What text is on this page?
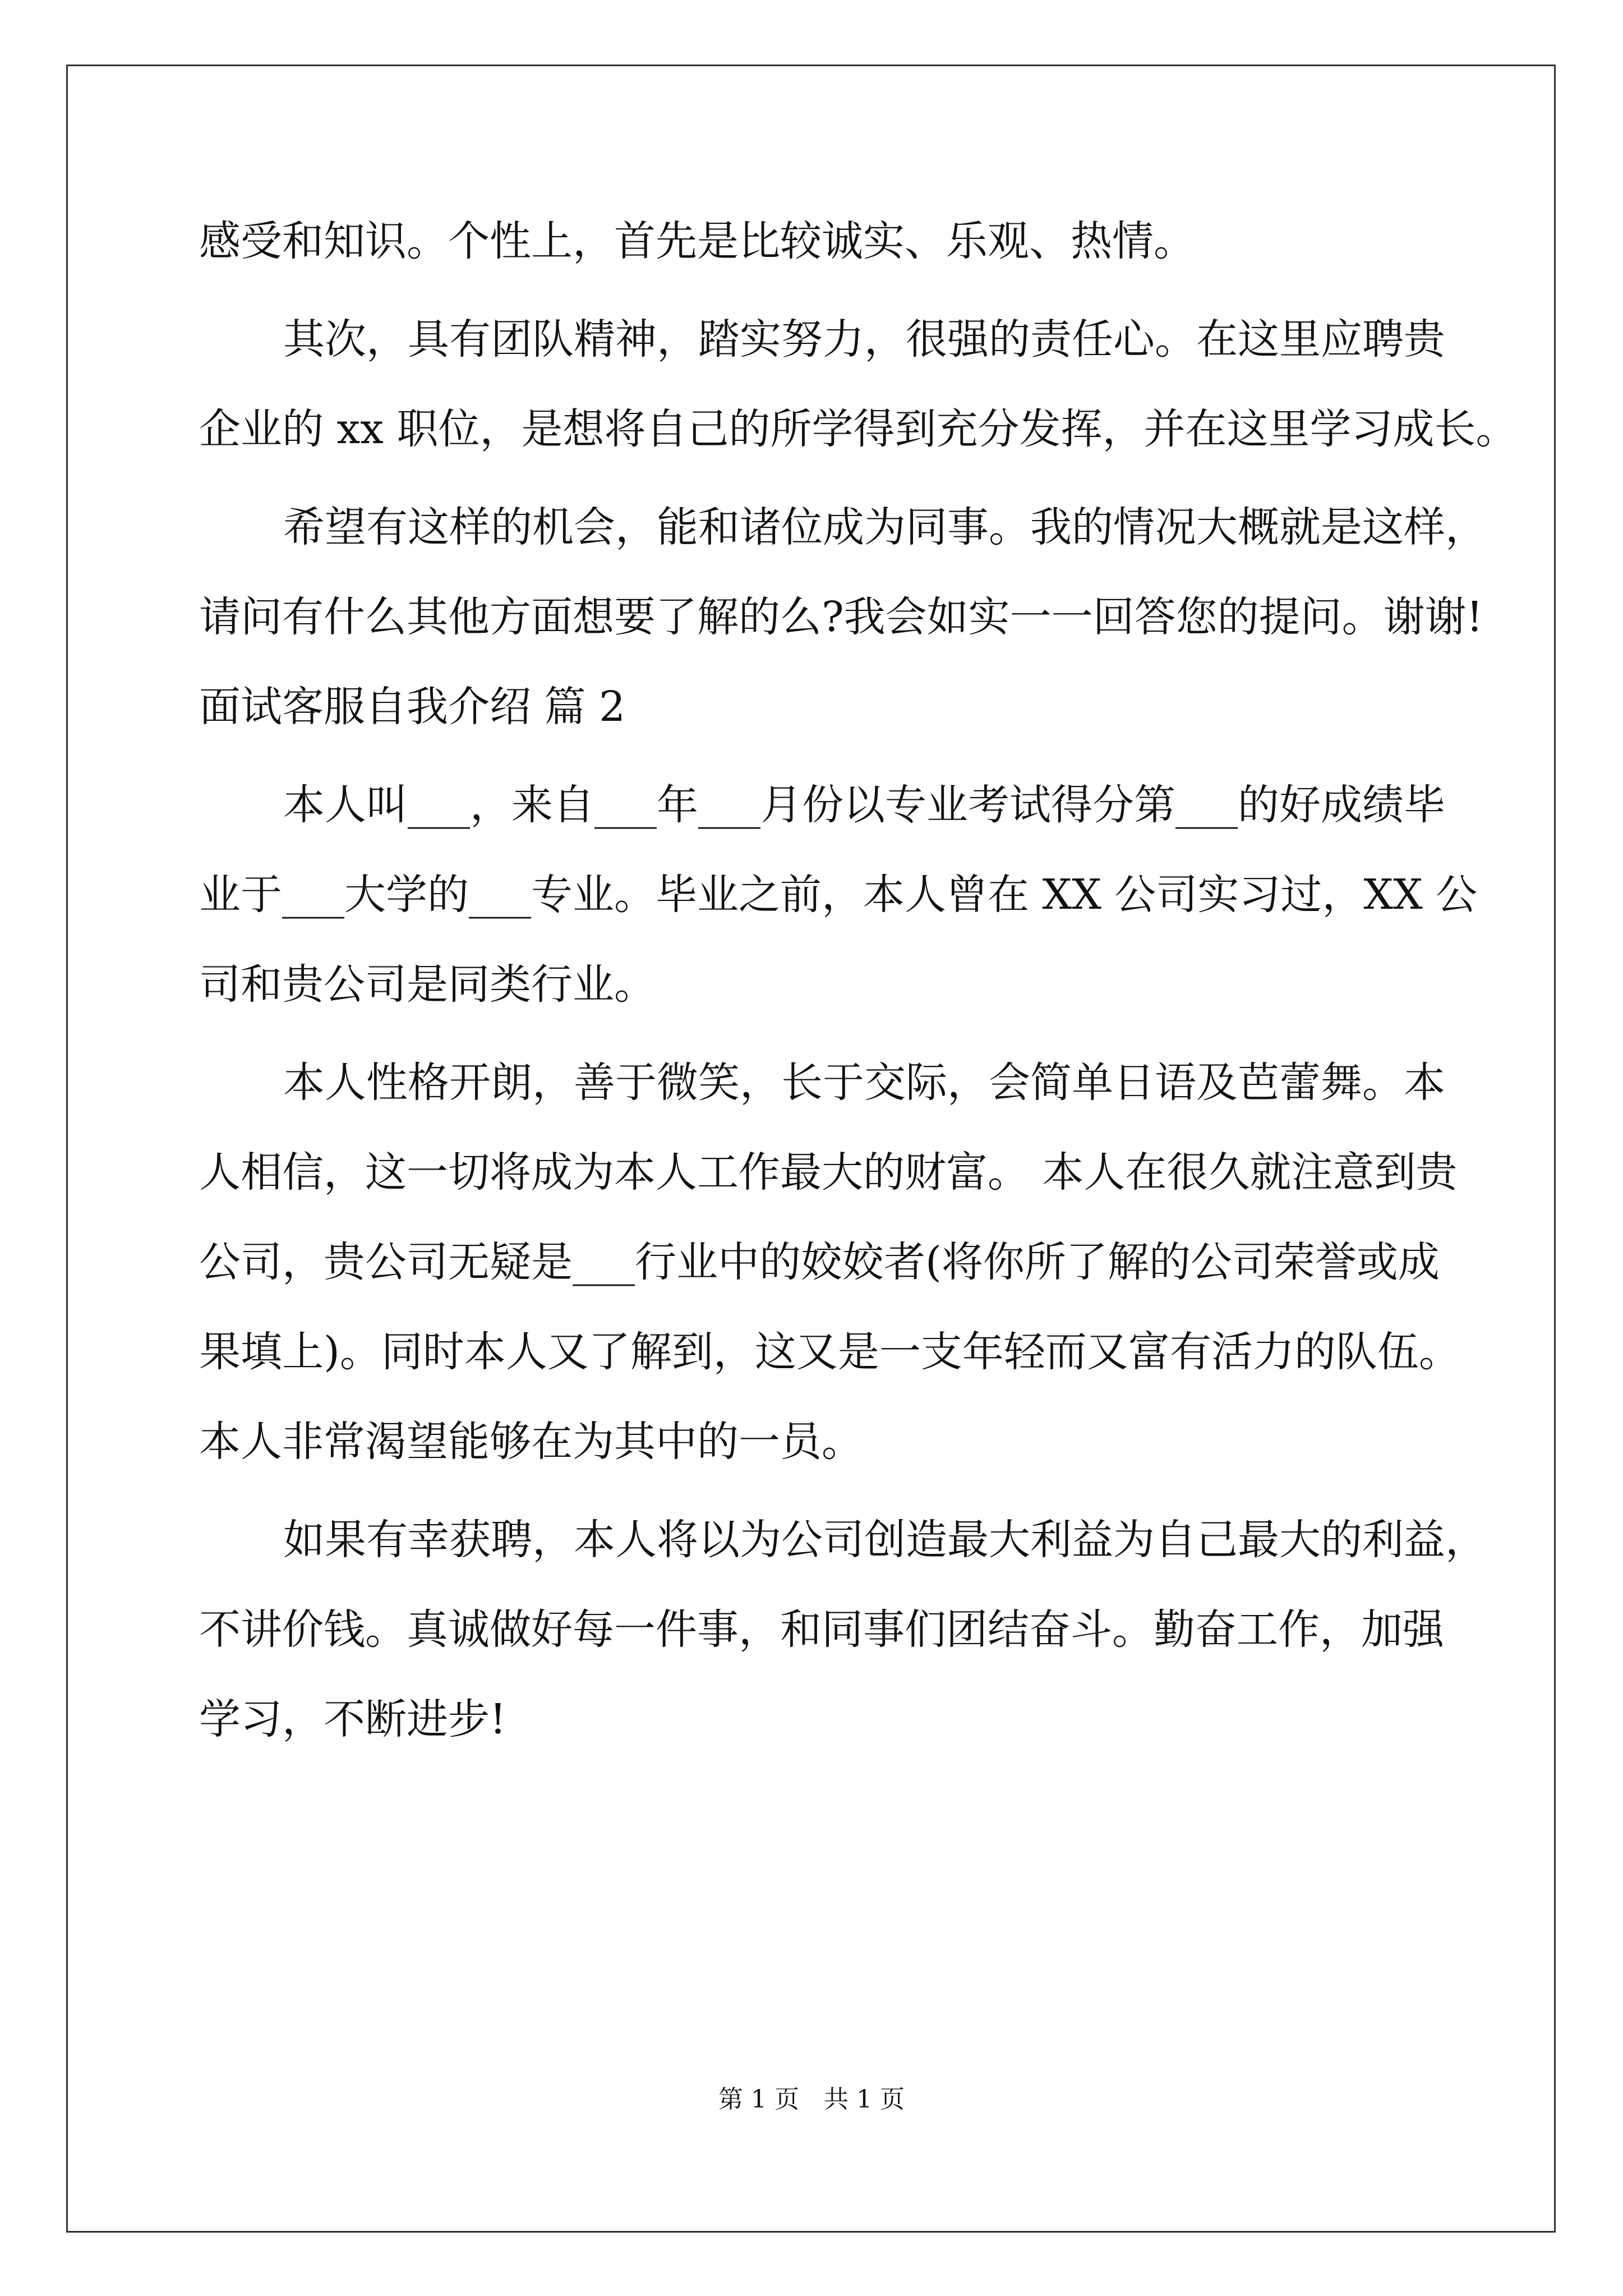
感受和知识。个性上，首先是比较诚实、乐观、热情。
其次，具有团队精神，踏实努力，很强的责任心。在这里应聘贵
企业的 xx 职位，是想将自己的所学得到充分发挥，并在这里学习成长。
希望有这样的机会，能和诸位成为同事。我的情况大概就是这样，
请问有什么其他方面想要了解的么?我会如实一一回答您的提问。谢谢!
面试客服自我介绍 篇 2
本人叫___，来自___年___月份以专业考试得分第___的好成绩毕
业于___大学的___专业。毕业之前，本人曾在 XX 公司实习过，XX 公
司和贵公司是同类行业。
本人性格开朗，善于微笑，长于交际，会简单日语及芭蕾舞。本
人相信，这一切将成为本人工作最大的财富。 本人在很久就注意到贵
公司，贵公司无疑是___行业中的姣姣者(将你所了解的公司荣誉或成
果填上)。同时本人又了解到，这又是一支年轻而又富有活力的队伍。
本人非常渴望能够在为其中的一员。
如果有幸获聘，本人将以为公司创造最大利益为自己最大的利益，
不讲价钱。真诚做好每一件事，和同事们团结奋斗。勤奋工作，加强
学习，不断进步!
第 1 页　共 1 页
